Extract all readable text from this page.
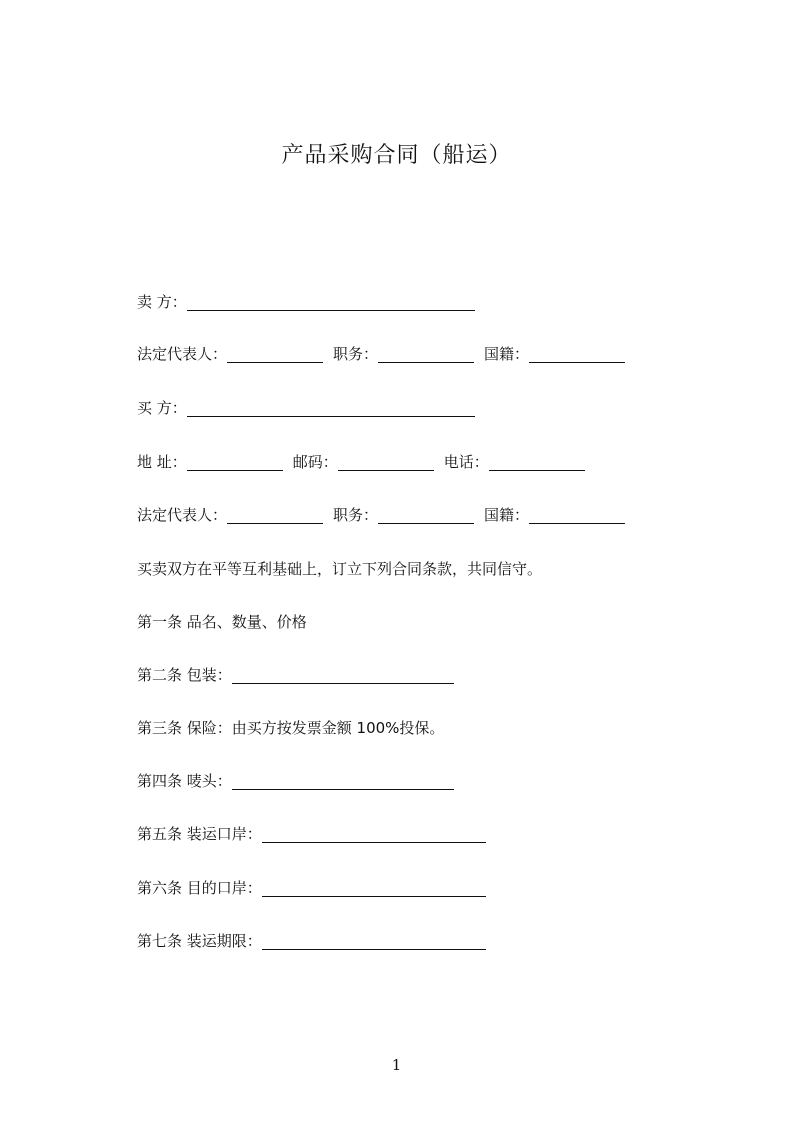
产品采购合同（船运）
卖 方：
法定代表人：	职务：	国籍：
买 方：
地 址：	邮码：	电话：
法定代表人：	职务：	国籍：
买卖双方在平等互利基础上，订立下列合同条款，共同信守。
第一条 品名、数量、价格
第二条 包装：
第三条 保险：由买方按发票金额 100%投保。
第四条 唛头：
第五条 装运口岸：
第六条 目的口岸：
第七条 装运期限：
1
